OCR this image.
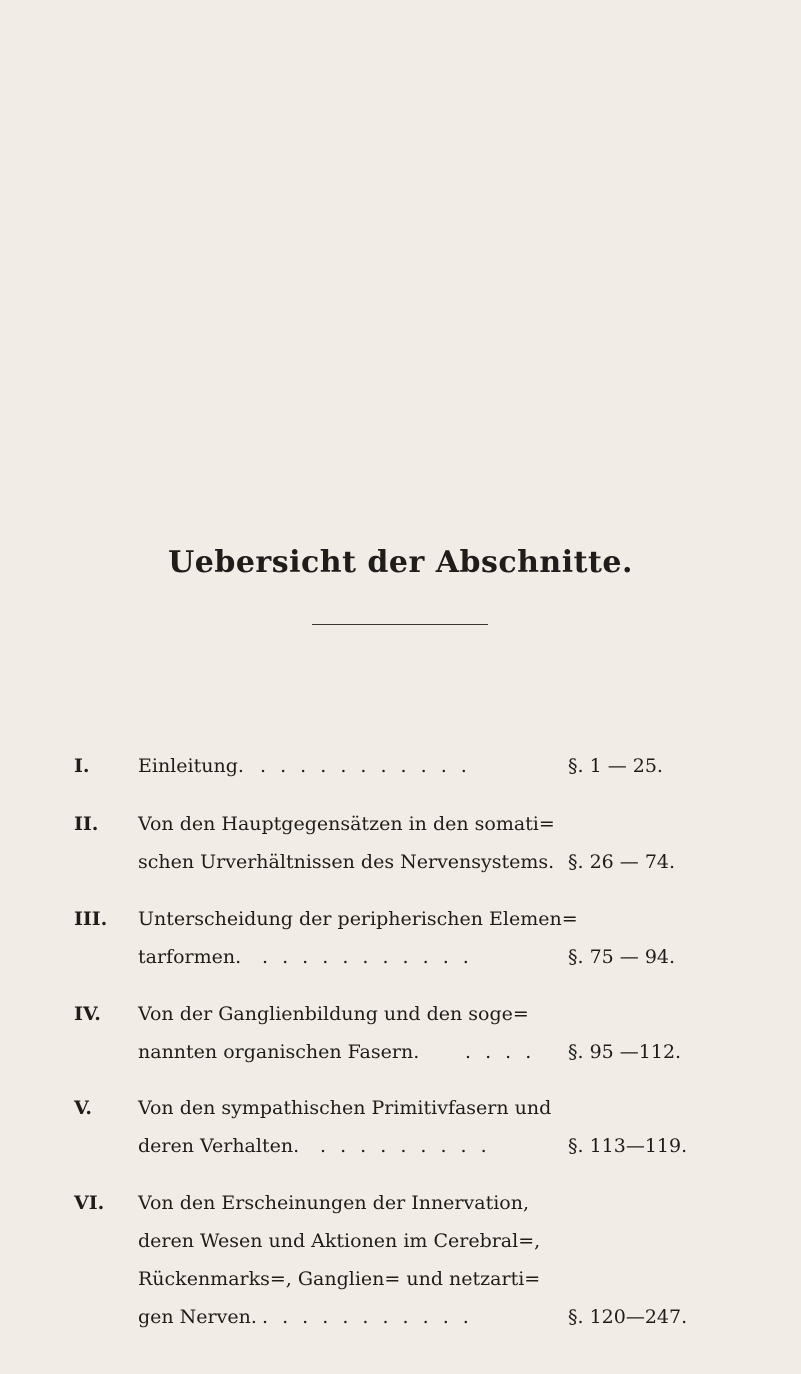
Uebersicht der Abschnitte.
I.	Einleitung. . . . . . . . . . . .	§. 1 — 25.
II.	Von den Hauptgegensätzen in den somati=
schen Urverhältnissen des Nervensystems. §. 26 — 74.
III.	Unterscheidung der peripherischen Elemen=
tarformen. . . . . . . . . . . .	§. 75 — 94.
IV.	Von der Ganglienbildung und den soge=
nannten organischen Fasern. . . . .	§. 95 —112.
V.	Von den sympathischen Primitivfasern und
deren Verhalten. . . . . . . . . .	§. 113—119.
VI.	Von den Erscheinungen der Innervation,
deren Wesen und Aktionen im Cerebral=,
Rückenmarks=, Ganglien= und netzarti=
gen Nerven. . . . . . . . . . . .	§. 120—247.
